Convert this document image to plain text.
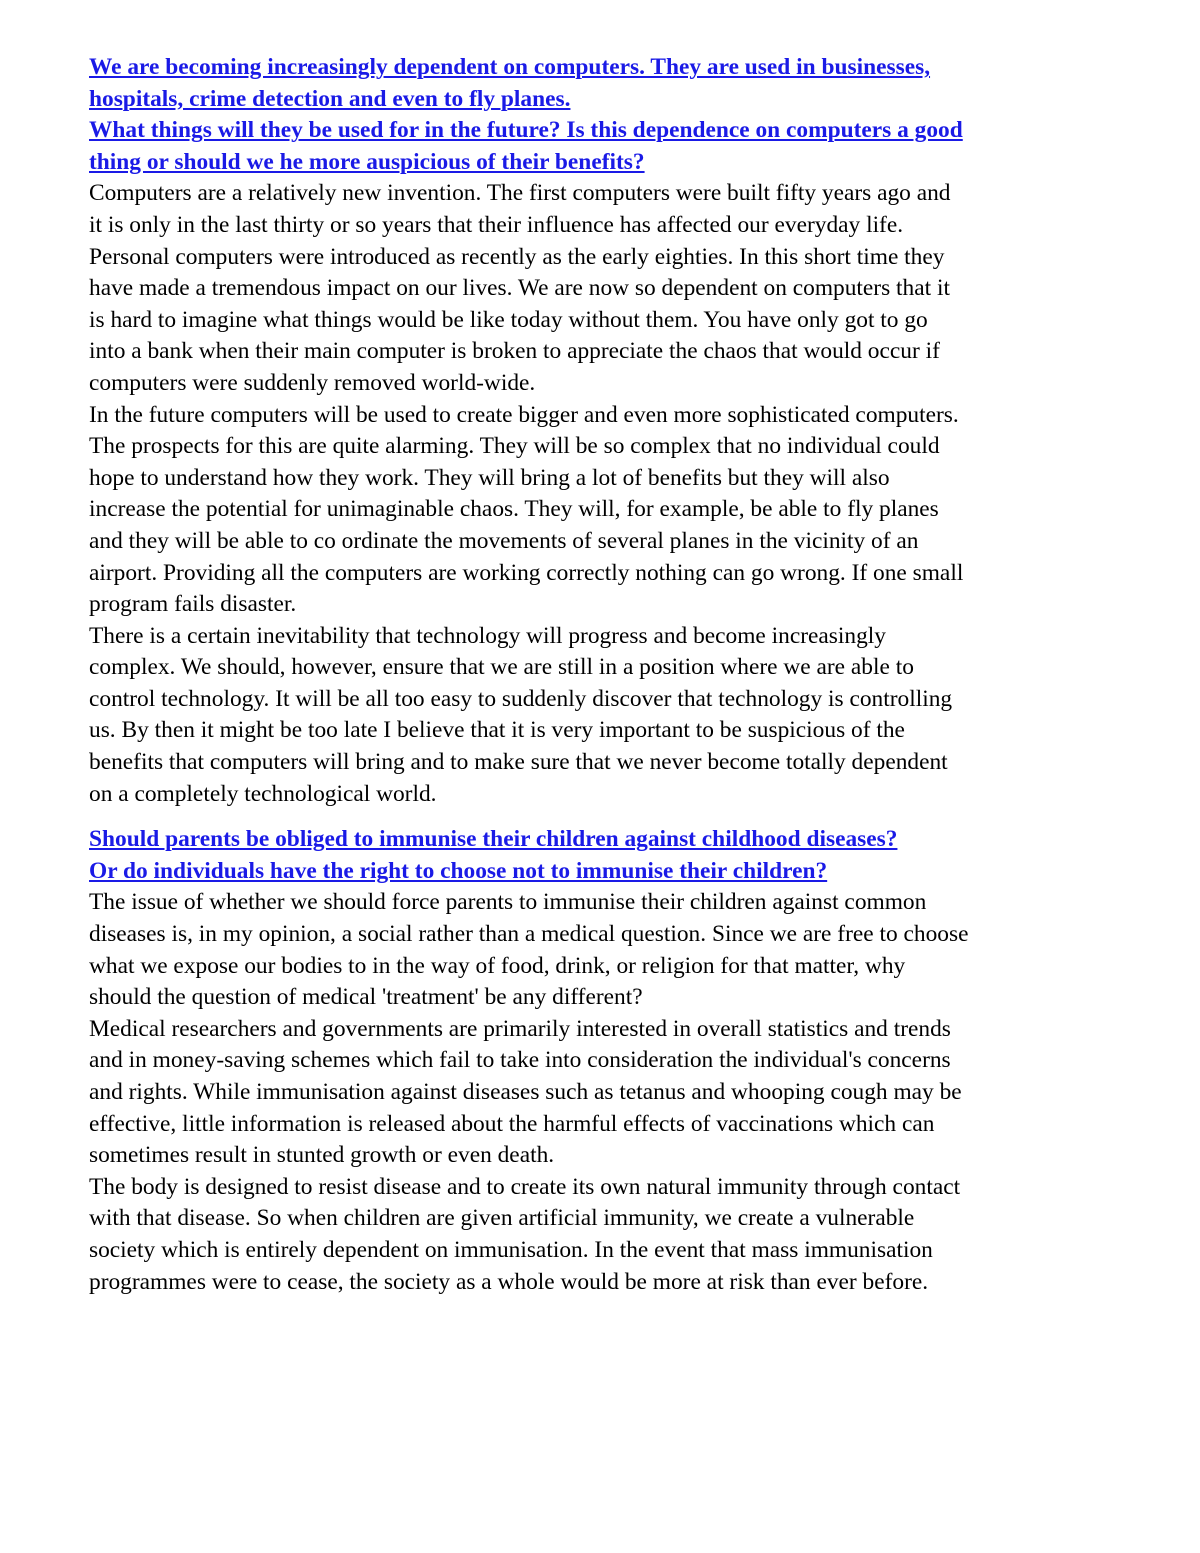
We are becoming increasingly dependent on computers. They are used in businesses,
hospitals, crime detection and even to fly planes.
What things will they be used for in the future? Is this dependence on computers a good
thing or should we he more auspicious of their benefits?

Computers are a relatively new invention. The first computers were built fifty years ago and
it is only in the last thirty or so years that their influence has affected our everyday life.
Personal computers were introduced as recently as the early eighties. In this short time they
have made a tremendous impact on our lives. We are now so dependent on computers that it
is hard to imagine what things would be like today without them. You have only got to go
into a bank when their main computer is broken to appreciate the chaos that would occur if
computers were suddenly removed world-wide.

In the future computers will be used to create bigger and even more sophisticated computers.
The prospects for this are quite alarming. They will be so complex that no individual could
hope to understand how they work. They will bring a lot of benefits but they will also
increase the potential for unimaginable chaos. They will, for example, be able to fly planes
and they will be able to co ordinate the movements of several planes in the vicinity of an
airport. Providing all the computers are working correctly nothing can go wrong. If one small
program fails disaster.

There is a certain inevitability that technology will progress and become increasingly
complex. We should, however, ensure that we are still in a position where we are able to
control technology. It will be all too easy to suddenly discover that technology is controlling
us. By then it might be too late I believe that it is very important to be suspicious of the
benefits that computers will bring and to make sure that we never become totally dependent
on a completely technological world.

Should parents be obliged to immunise their children against childhood diseases?
Or do individuals have the right to choose not to immunise their children?

The issue of whether we should force parents to immunise their children against common
diseases is, in my opinion, a social rather than a medical question. Since we are free to choose
what we expose our bodies to in the way of food, drink, or religion for that matter, why
should the question of medical 'treatment' be any different?

Medical researchers and governments are primarily interested in overall statistics and trends
and in money-saving schemes which fail to take into consideration the individual's concerns
and rights. While immunisation against diseases such as tetanus and whooping cough may be
effective, little information is released about the harmful effects of vaccinations which can
sometimes result in stunted growth or even death.

The body is designed to resist disease and to create its own natural immunity through contact
with that disease. So when children are given artificial immunity, we create a vulnerable
society which is entirely dependent on immunisation. In the event that mass immunisation
programmes were to cease, the society as a whole would be more at risk than ever before.
